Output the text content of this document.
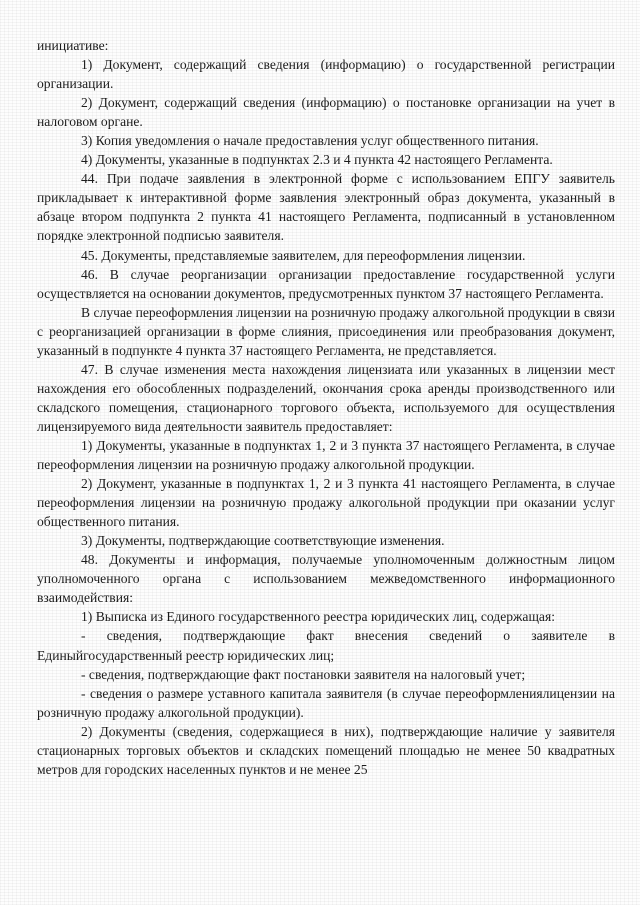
инициативе:

1) Документ, содержащий сведения (информацию) о государственной регистрации организации.

2) Документ, содержащий сведения (информацию) о постановке организации на учет в налоговом органе.

3) Копия уведомления о начале предоставления услуг общественного питания.

4) Документы, указанные в подпунктах 2.3 и 4 пункта 42 настоящего Регламента.

44. При подаче заявления в электронной форме с использованием ЕПГУ заявитель прикладывает к интерактивной форме заявления электронный образ документа, указанный в абзаце втором подпункта 2 пункта 41 настоящего Регламента, подписанный в установленном порядке электронной подписью заявителя.

45. Документы, представляемые заявителем, для переоформления лицензии.

46. В случае реорганизации организации предоставление государственной услуги осуществляется на основании документов, предусмотренных пунктом 37 настоящего Регламента.

В случае переоформления лицензии на розничную продажу алкогольной продукции в связи с реорганизацией организации в форме слияния, присоединения или преобразования документ, указанный в подпункте 4 пункта 37 настоящего Регламента, не представляется.

47. В случае изменения места нахождения лицензиата или указанных в лицензии мест нахождения его обособленных подразделений, окончания срока аренды производственного или складского помещения, стационарного торгового объекта, используемого для осуществления лицензируемого вида деятельности заявитель предоставляет:

1) Документы, указанные в подпунктах 1, 2 и 3 пункта 37 настоящего Регламента, в случае переоформления лицензии на розничную продажу алкогольной продукции.

2) Документ, указанные в подпунктах 1, 2 и 3 пункта 41 настоящего Регламента, в случае переоформления лицензии на розничную продажу алкогольной продукции при оказании услуг общественного питания.

3) Документы, подтверждающие соответствующие изменения.

48. Документы и информация, получаемые уполномоченным должностным лицом уполномоченного органа с использованием межведомственного информационного взаимодействия:

1) Выписка из Единого государственного реестра юридических лиц, содержащая:

- сведения, подтверждающие факт внесения сведений о заявителе в Единыйгосударственный реестр юридических лиц;

- сведения, подтверждающие факт постановки заявителя на налоговый учет;

- сведения о размере уставного капитала заявителя (в случае переоформлениялицензии на розничную продажу алкогольной продукции).

2) Документы (сведения, содержащиеся в них), подтверждающие наличие у заявителя стационарных торговых объектов и складских помещений площадью не менее 50 квадратных метров для городских населенных пунктов и не менее 25
